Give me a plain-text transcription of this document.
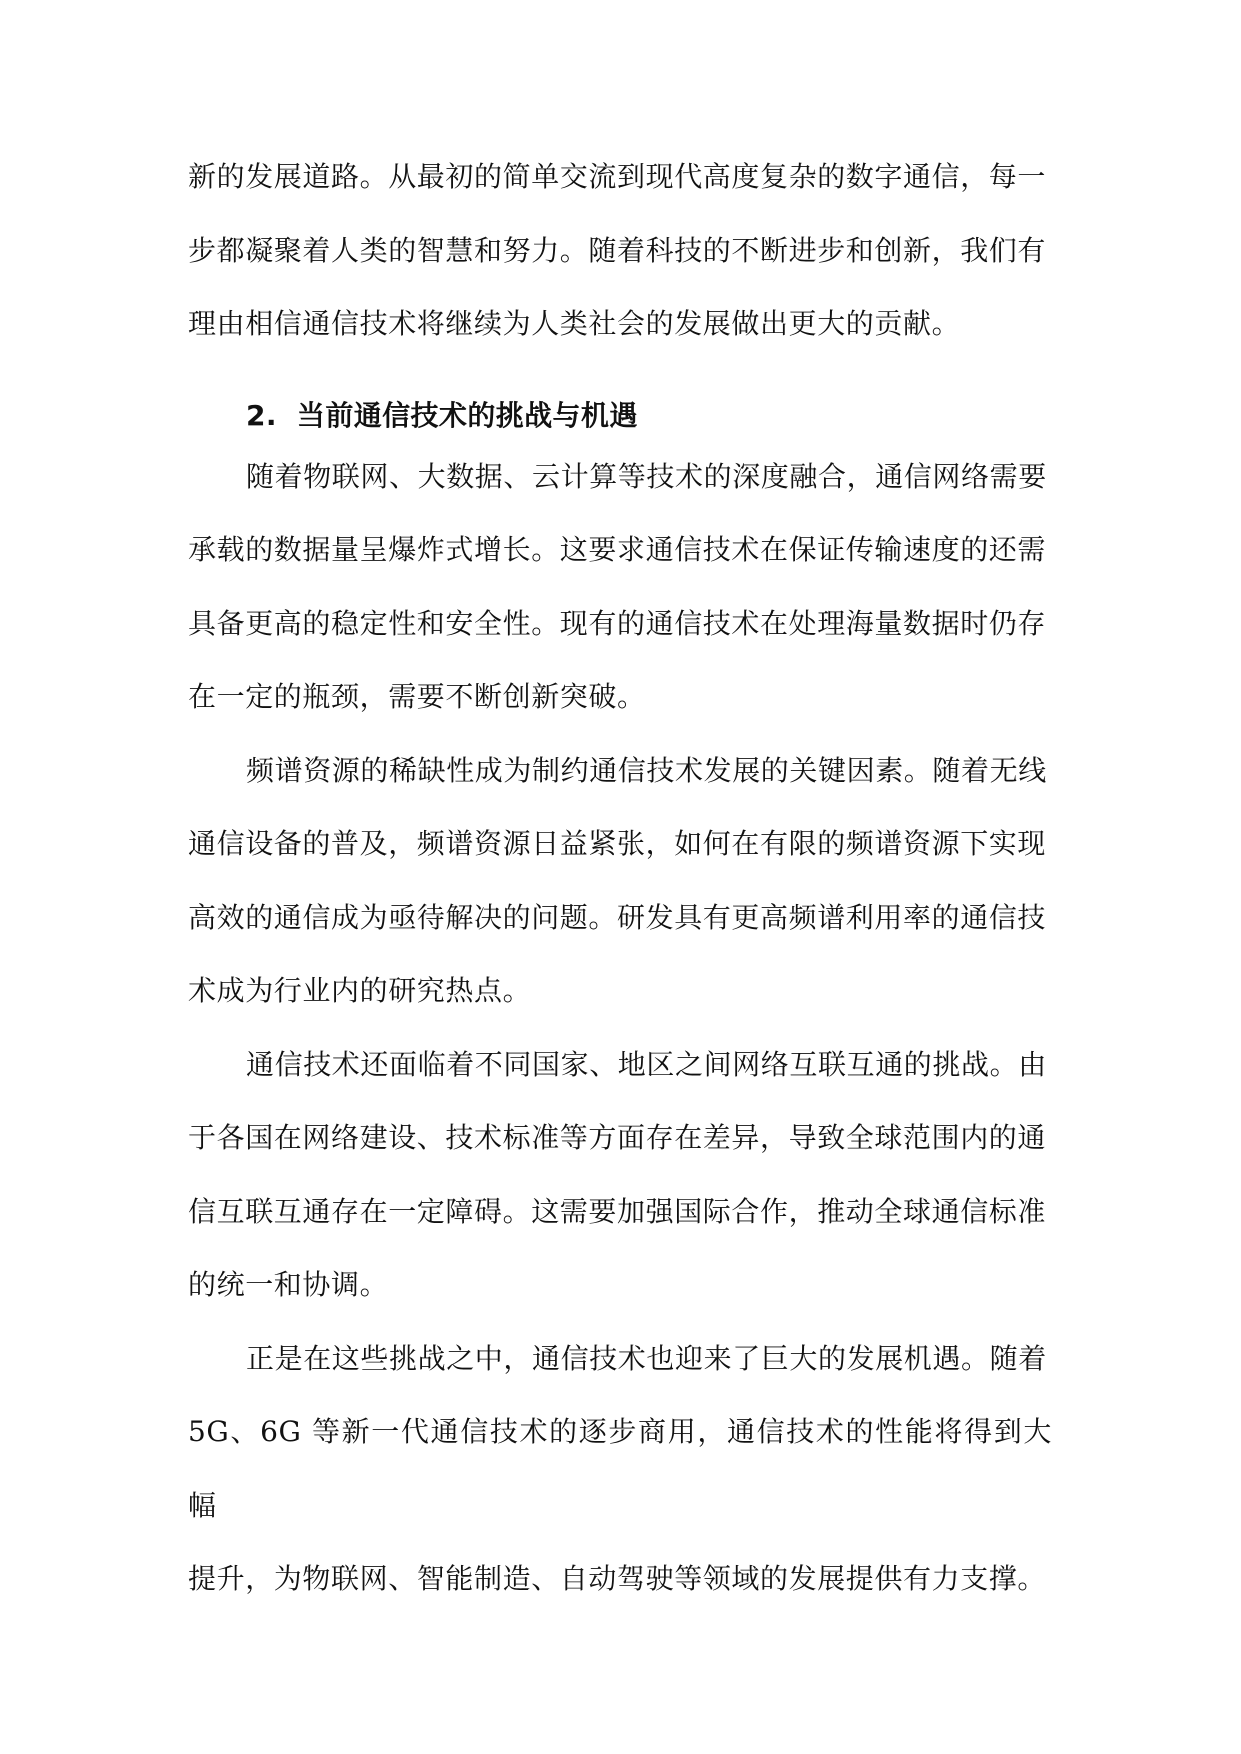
新的发展道路。从最初的简单交流到现代高度复杂的数字通信，每一
步都凝聚着人类的智慧和努力。随着科技的不断进步和创新，我们有
理由相信通信技术将继续为人类社会的发展做出更大的贡献。

2. 当前通信技术的挑战与机遇

随着物联网、大数据、云计算等技术的深度融合，通信网络需要
承载的数据量呈爆炸式增长。这要求通信技术在保证传输速度的还需
具备更高的稳定性和安全性。现有的通信技术在处理海量数据时仍存
在一定的瓶颈，需要不断创新突破。

频谱资源的稀缺性成为制约通信技术发展的关键因素。随着无线
通信设备的普及，频谱资源日益紧张，如何在有限的频谱资源下实现
高效的通信成为亟待解决的问题。研发具有更高频谱利用率的通信技
术成为行业内的研究热点。

通信技术还面临着不同国家、地区之间网络互联互通的挑战。由
于各国在网络建设、技术标准等方面存在差异，导致全球范围内的通
信互联互通存在一定障碍。这需要加强国际合作，推动全球通信标准
的统一和协调。

正是在这些挑战之中，通信技术也迎来了巨大的发展机遇。随着
5G、6G 等新一代通信技术的逐步商用，通信技术的性能将得到大幅
提升，为物联网、智能制造、自动驾驶等领域的发展提供有力支撑。
